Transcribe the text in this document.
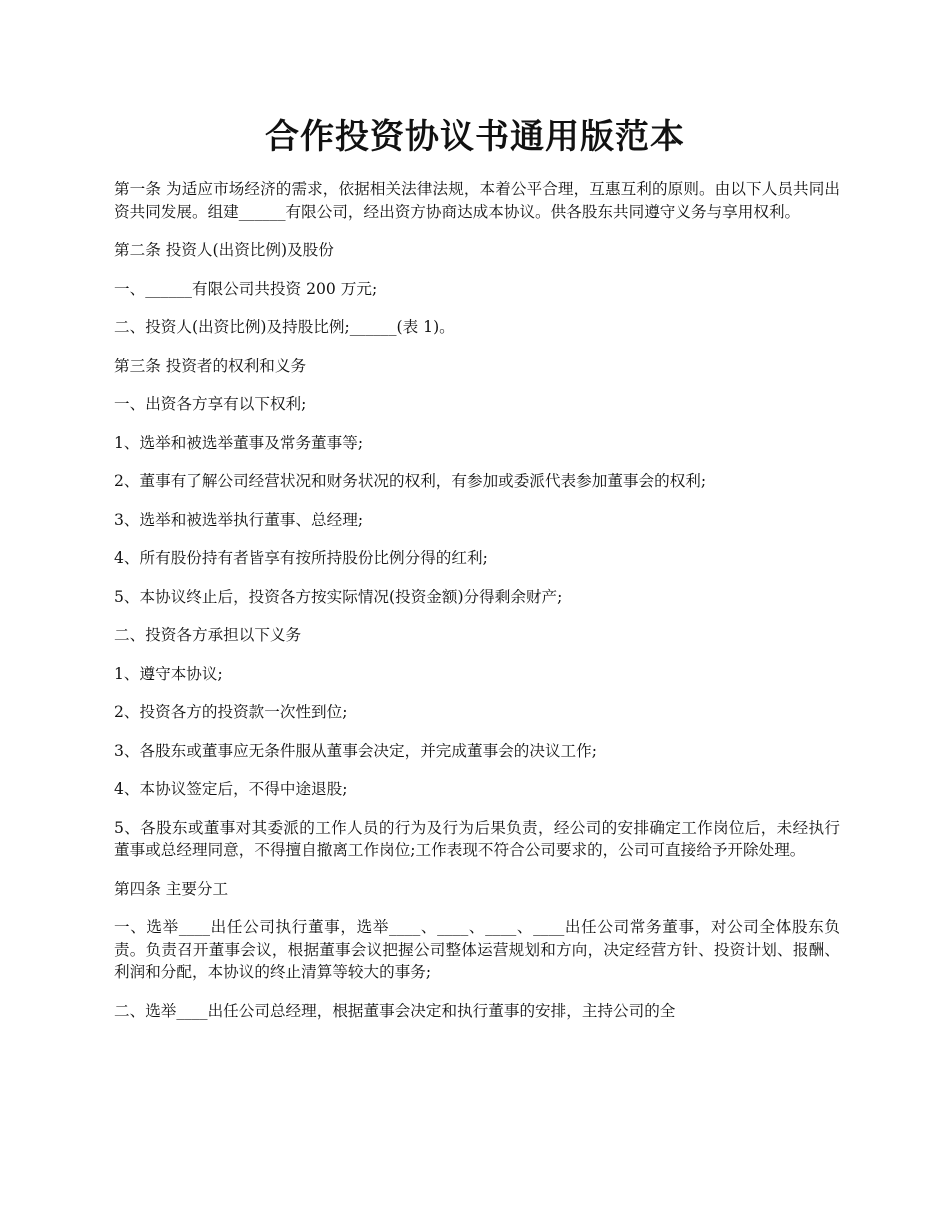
合作投资协议书通用版范本

第一条 为适应市场经济的需求，依据相关法律法规，本着公平合理，互惠互利的原则。由以下人员共同出资共同发展。组建______有限公司，经出资方协商达成本协议。供各股东共同遵守义务与享用权利。

第二条 投资人(出资比例)及股份

一、______有限公司共投资 200 万元;

二、投资人(出资比例)及持股比例;______(表 1)。

第三条 投资者的权利和义务

一、出资各方享有以下权利;

1、选举和被选举董事及常务董事等;

2、董事有了解公司经营状况和财务状况的权利，有参加或委派代表参加董事会的权利;

3、选举和被选举执行董事、总经理;

4、所有股份持有者皆享有按所持股份比例分得的红利;

5、本协议终止后，投资各方按实际情况(投资金额)分得剩余财产;

二、投资各方承担以下义务

1、遵守本协议;

2、投资各方的投资款一次性到位;

3、各股东或董事应无条件服从董事会决定，并完成董事会的决议工作;

4、本协议签定后，不得中途退股;

5、各股东或董事对其委派的工作人员的行为及行为后果负责，经公司的安排确定工作岗位后，未经执行董事或总经理同意，不得擅自撤离工作岗位;工作表现不符合公司要求的，公司可直接给予开除处理。

第四条 主要分工

一、选举____出任公司执行董事，选举____、____、____、____出任公司常务董事，对公司全体股东负责。负责召开董事会议，根据董事会议把握公司整体运营规划和方向，决定经营方针、投资计划、报酬、利润和分配，本协议的终止清算等较大的事务;

二、选举____出任公司总经理，根据董事会决定和执行董事的安排，主持公司的全
